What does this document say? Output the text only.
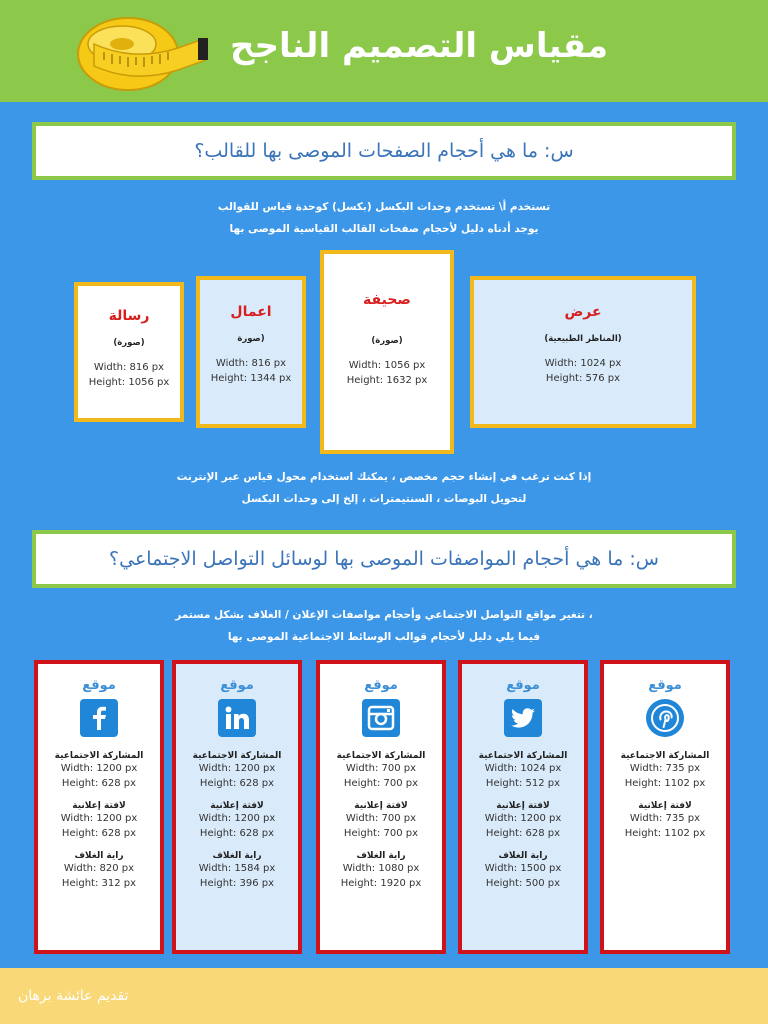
مقياس التصميم الناجح
س: ما هي أحجام الصفحات الموصى بها للقالب؟
تستخدم أ\ تستخدم وحدات البكسل (بكسل) كوحدة قياس للقوالب
يوجد أدناه دليل لأحجام صفحات القالب القياسية الموصى بها
رسالة
(صورة)
Width: 816 px
Height: 1056 px
اعمال
صورة)
Width: 816 px
Height: 1344 px
صحيفة
(صورة)
Width: 1056 px
Height: 1632 px
عرض
(المناظر الطبيعية)
Width: 1024 px
Height: 576 px
إذا كنت ترغب في إنشاء حجم مخصص ، يمكنك استخدام محول قياس عبر الإنترنت
لتحويل البوصات ، السنتيمترات ، إلخ إلى وحدات البكسل
س: ما هي أحجام المواصفات الموصى بها لوسائل التواصل الاجتماعي؟
، تتغير مواقع التواصل الاجتماعي وأحجام مواصفات الإعلان / الغلاف بشكل مستمر
فيما يلي دليل لأحجام قوالب الوسائط الاجتماعية الموصى بها
موقع
المشاركة الاجتماعية
Width: 1200 px
Height: 628 px
لافتة إعلانية
Width: 1200 px
Height: 628 px
راية الغلاف
Width: 820 px
Height: 312 px
موقع
المشاركة الاجتماعية
Width: 1200 px
Height: 628 px
لافتة إعلانية
Width: 1200 px
Height: 628 px
راية الغلاف
Width: 1584 px
Height: 396 px
موقع
المشاركة الاجتماعية
Width: 700 px
Height: 700 px
لافتة إعلانية
Width: 700 px
Height: 700 px
راية الغلاف
Width: 1080 px
Height: 1920 px
موقع
المشاركة الاجتماعية
Width: 1024 px
Height: 512 px
لافتة إعلانية
Width: 1200 px
Height: 628 px
راية الغلاف
Width: 1500 px
Height: 500 px
موقع
المشاركة الاجتماعية
Width: 735 px
Height: 1102 px
لافتة إعلانية
Width: 735 px
Height: 1102 px
تقديم عائشة برهان
